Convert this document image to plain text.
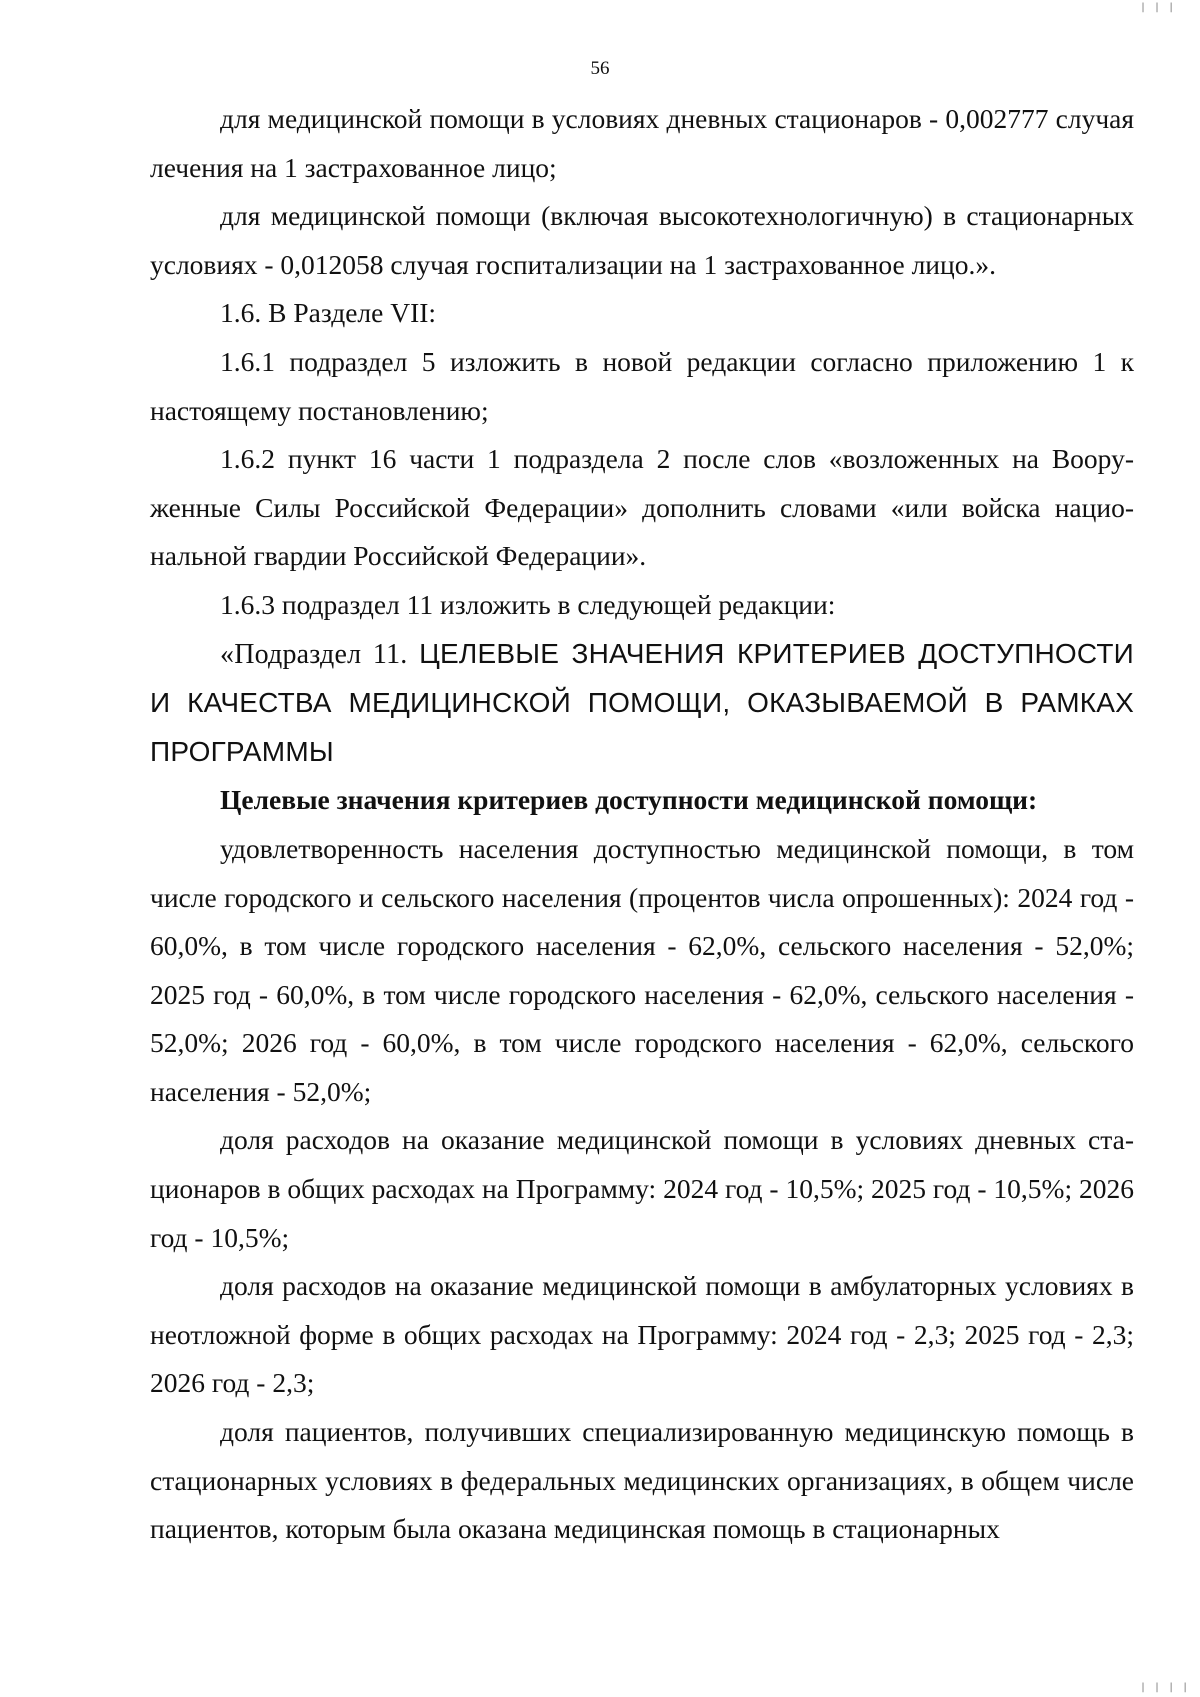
| | |
56

для медицинской помощи в условиях дневных стационаров - 0,002777 случая лечения на 1 застрахованное лицо;

для медицинской помощи (включая высокотехнологичную) в стационарных условиях - 0,012058 случая госпитализации на 1 застрахованное лицо.».

1.6. В Разделе VII:

1.6.1 подраздел 5 изложить в новой редакции согласно приложению 1 к настоящему постановлению;

1.6.2 пункт 16 части 1 подраздела 2 после слов «возложенных на Вооруженные Силы Российской Федерации» дополнить словами «или войска национальной гвардии Российской Федерации».

1.6.3 подраздел 11 изложить в следующей редакции:

«Подраздел 11. ЦЕЛЕВЫЕ ЗНАЧЕНИЯ КРИТЕРИЕВ ДОСТУПНОСТИ И КАЧЕСТВА МЕДИЦИНСКОЙ ПОМОЩИ, ОКАЗЫВАЕМОЙ В РАМКАХ ПРОГРАММЫ

Целевые значения критериев доступности медицинской помощи:

удовлетворенность населения доступностью медицинской помощи, в том числе городского и сельского населения (процентов числа опрошенных): 2024 год - 60,0%, в том числе городского населения - 62,0%, сельского населения - 52,0%; 2025 год - 60,0%, в том числе городского населения - 62,0%, сельского населения - 52,0%; 2026 год - 60,0%, в том числе городского населения - 62,0%, сельского населения - 52,0%;

доля расходов на оказание медицинской помощи в условиях дневных стационаров в общих расходах на Программу: 2024 год - 10,5%; 2025 год - 10,5%; 2026 год - 10,5%;

доля расходов на оказание медицинской помощи в амбулаторных условиях в неотложной форме в общих расходах на Программу: 2024 год - 2,3; 2025 год - 2,3; 2026 год - 2,3;

доля пациентов, получивших специализированную медицинскую помощь в стационарных условиях в федеральных медицинских организациях, в общем числе пациентов, которым была оказана медицинская помощь в стационарных

| | | |
